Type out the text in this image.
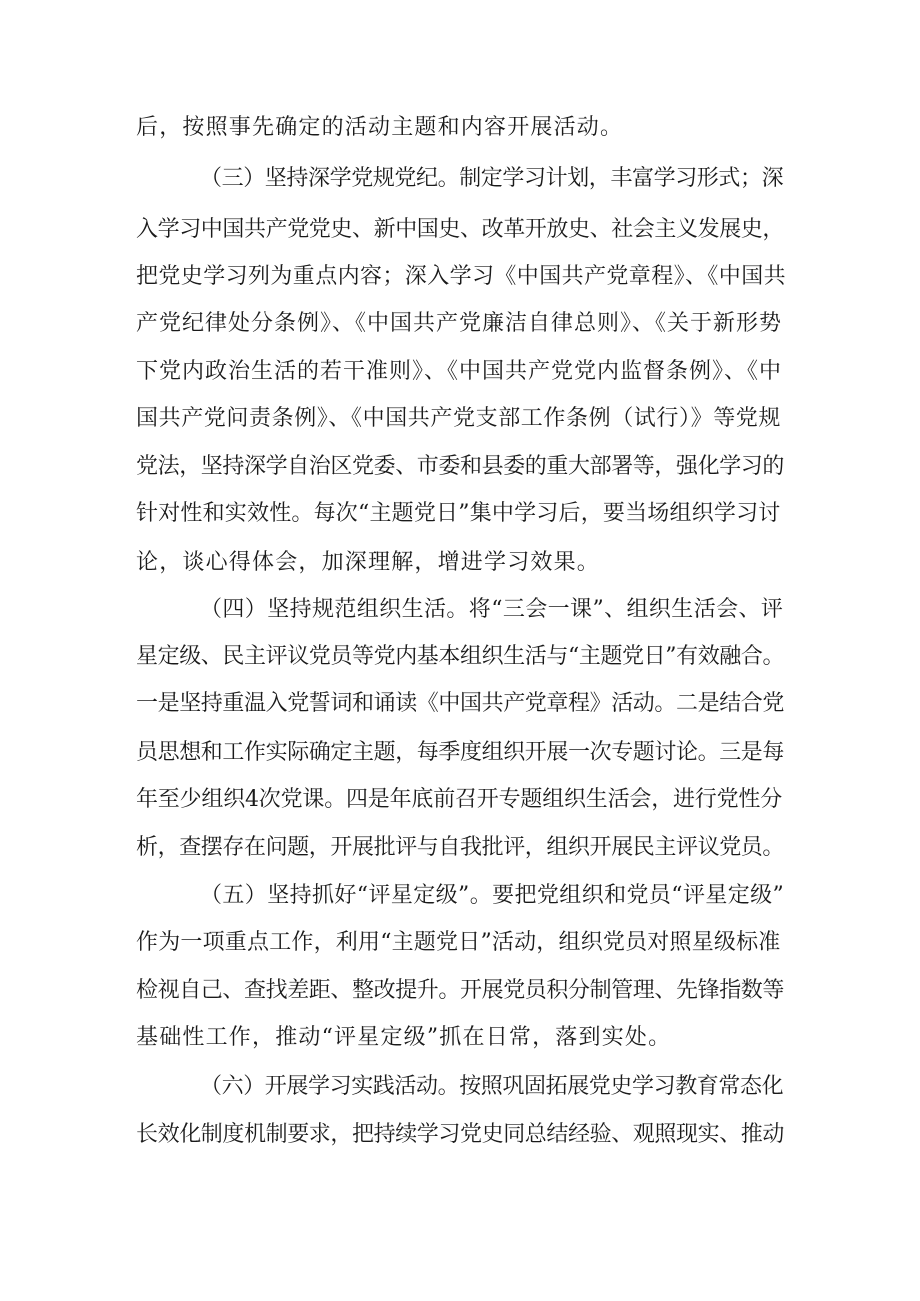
后，按照事先确定的活动主题和内容开展活动。
（三）坚持深学党规党纪。制定学习计划，丰富学习形式；深
入学习中国共产党党史、新中国史、改革开放史、社会主义发展史，
把党史学习列为重点内容；深入学习《中国共产党章程》、《中国共
产党纪律处分条例》、《中国共产党廉洁自律总则》、《关于新形势
下党内政治生活的若干准则》、《中国共产党党内监督条例》、《中
国共产党问责条例》、《中国共产党支部工作条例（试行）》等党规
党法，坚持深学自治区党委、市委和县委的重大部署等，强化学习的
针对性和实效性。每次“主题党日”集中学习后，要当场组织学习讨
论，谈心得体会，加深理解，增进学习效果。
（四）坚持规范组织生活。将“三会一课”、组织生活会、评
星定级、民主评议党员等党内基本组织生活与“主题党日”有效融合。
一是坚持重温入党誓词和诵读《中国共产党章程》活动。二是结合党
员思想和工作实际确定主题，每季度组织开展一次专题讨论。三是每
年至少组织4次党课。四是年底前召开专题组织生活会，进行党性分
析，查摆存在问题，开展批评与自我批评，组织开展民主评议党员。
（五）坚持抓好“评星定级”。要把党组织和党员“评星定级”
作为一项重点工作，利用“主题党日”活动，组织党员对照星级标准
检视自己、查找差距、整改提升。开展党员积分制管理、先锋指数等
基础性工作，推动“评星定级”抓在日常，落到实处。
（六）开展学习实践活动。按照巩固拓展党史学习教育常态化
长效化制度机制要求，把持续学习党史同总结经验、观照现实、推动
